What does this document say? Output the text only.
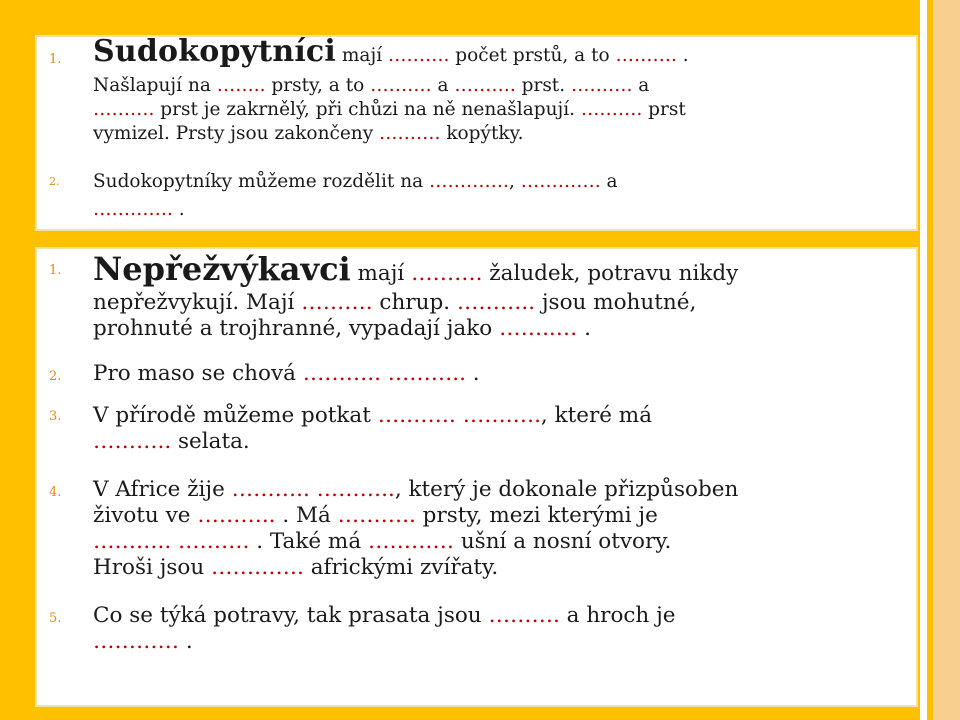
1. Sudokopytníci mají ………. počet prstů, a to ………. .
Našlapují na …….. prsty, a to ………. a ………. prst. ………. a
………. prst je zakrnělý, při chůzi na ně nenašlapují. ………. prst
vymizel. Prsty jsou zakončeny ………. kopýtky.
2. Sudokopytníky můžeme rozdělit na …………., …………. a
…………. .
1. Nepřežvýkavci mají ………. žaludek, potravu nikdy
nepřežvykují. Mají ………. chrup. ……….. jsou mohutné,
prohnuté a trojhranné, vypadají jako ……..… .
2. Pro maso se chová ……….. ……….. .
3. V přírodě můžeme potkat ….……. …….…., které má
……….. selata.
4. V Africe žije ……….. ……….., který je dokonale přizpůsoben
životu ve ……….. . Má ……….. prsty, mezi kterými je
……….. ………. . Také má ………… ušní a nosní otvory.
Hroši jsou …………. africkými zvířaty.
5. Co se týká potravy, tak prasata jsou ………. a hroch je
………… .
